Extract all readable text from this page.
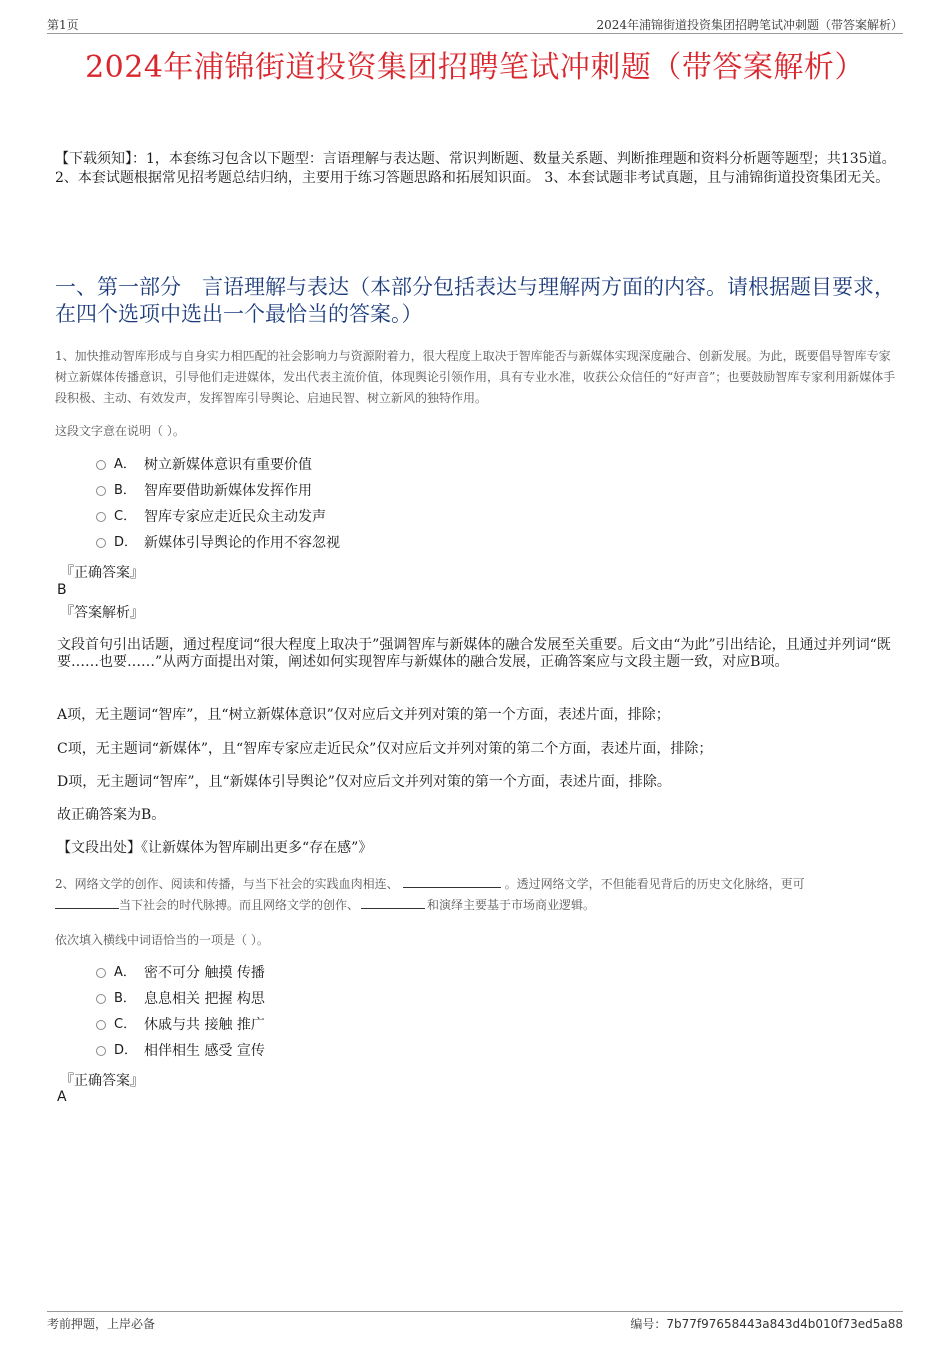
第1页	2024年浦锦街道投资集团招聘笔试冲刺题（带答案解析）
2024年浦锦街道投资集团招聘笔试冲刺题（带答案解析）
【下载须知】：1，本套练习包含以下题型：言语理解与表达题、常识判断题、数量关系题、判断推理题和资料分析题等题型；共135道。 2、本套试题根据常见招考题总结归纳，主要用于练习答题思路和拓展知识面。 3、本套试题非考试真题，且与浦锦街道投资集团无关。
一、第一部分　言语理解与表达（本部分包括表达与理解两方面的内容。请根据题目要求，在四个选项中选出一个最恰当的答案。）
1、加快推动智库形成与自身实力相匹配的社会影响力与资源附着力，很大程度上取决于智库能否与新媒体实现深度融合、创新发展。为此，既要倡导智库专家树立新媒体传播意识，引导他们走进媒体，发出代表主流价值，体现舆论引领作用，具有专业水准，收获公众信任的“好声音”；也要鼓励智库专家利用新媒体手段积极、主动、有效发声，发挥智库引导舆论、启迪民智、树立新风的独特作用。
这段文字意在说明（ ）。
A． 树立新媒体意识有重要价值
B． 智库要借助新媒体发挥作用
C． 智库专家应走近民众主动发声
D． 新媒体引导舆论的作用不容忽视
『正确答案』
B
『答案解析』
文段首句引出话题，通过程度词“很大程度上取决于”强调智库与新媒体的融合发展至关重要。后文由“为此”引出结论，且通过并列词“既要……也要……”从两方面提出对策，阐述如何实现智库与新媒体的融合发展，正确答案应与文段主题一致，对应B项。
A项，无主题词“智库”，且“树立新媒体意识”仅对应后文并列对策的第一个方面，表述片面，排除；
C项，无主题词“新媒体”，且“智库专家应走近民众”仅对应后文并列对策的第二个方面，表述片面，排除；
D项，无主题词“智库”，且“新媒体引导舆论”仅对应后文并列对策的第一个方面，表述片面，排除。
故正确答案为B。
【文段出处】《让新媒体为智库刷出更多“存在感”》
2、网络文学的创作、阅读和传播，与当下社会的实践血肉相连、	。透过网络文学，不但能看见背后的历史文化脉络，更可
当下社会的时代脉搏。而且网络文学的创作、	和演绎主要基于市场商业逻辑。
依次填入横线中词语恰当的一项是（ ）。
A． 密不可分 触摸 传播
B． 息息相关 把握 构思
C． 休戚与共 接触 推广
D． 相伴相生 感受 宣传
『正确答案』
A
考前押题，上岸必备	编号：7b77f97658443a843d4b010f73ed5a88
